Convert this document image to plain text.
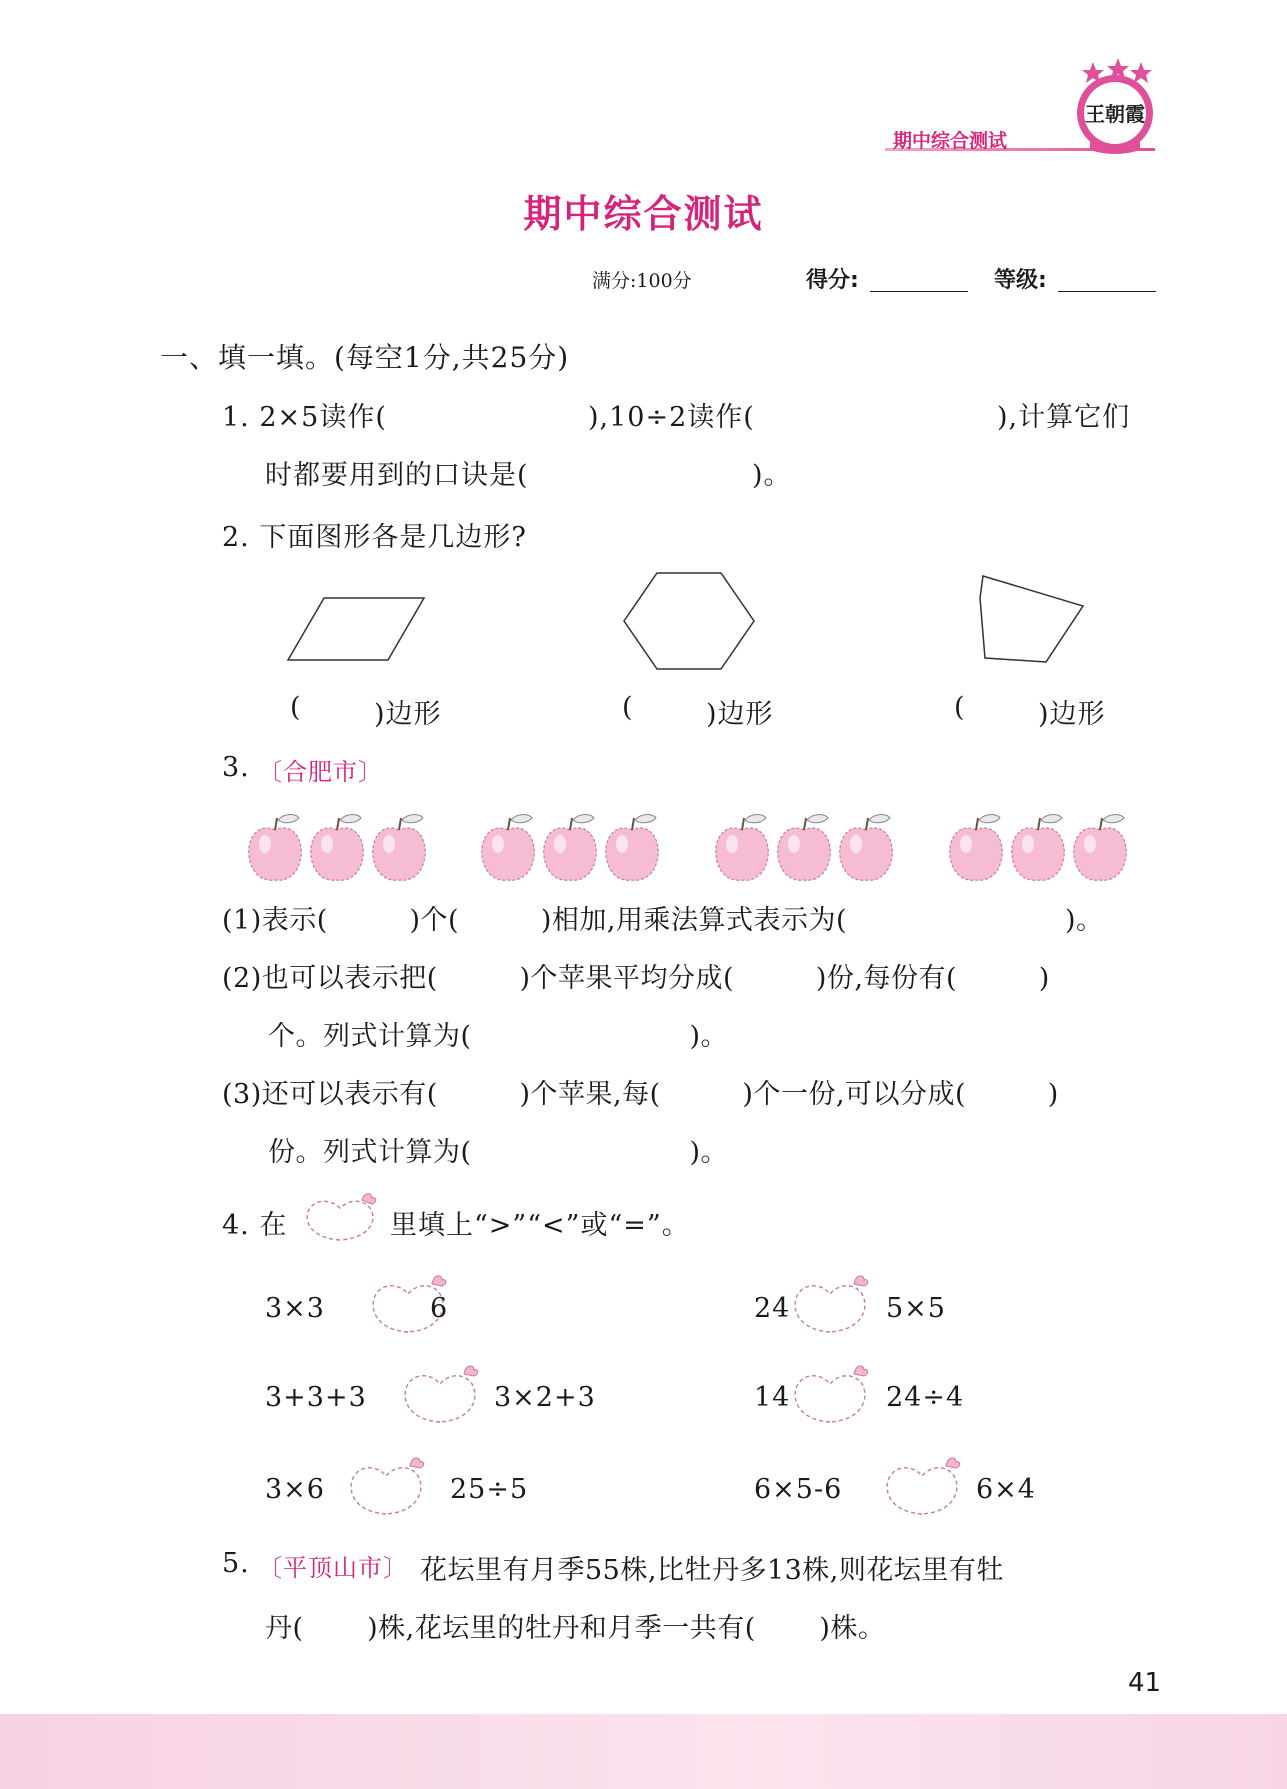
期中综合测试
王朝霞
期中综合测试
满分:100分	得分:	等级:
一、填一填。(每空1分,共25分)
1. 2×5读作(	),10÷2读作(	),计算它们
时都要用到的口诀是(	)。
2. 下面图形各是几边形?
(	)边形	(	)边形	(	)边形
3. 〔合肥市〕
(1)表示(         )个(         )相加,用乘法算式表示为(                        )。
(2)也可以表示把(         )个苹果平均分成(         )份,每份有(         )
个。列式计算为(                        )。
(3)还可以表示有(         )个苹果,每(         )个一份,可以分成(         )
份。列式计算为(                        )。
4. 在	里填上“>”“<”或“=”。
3×3	6	24	5×5
3+3+3	3×2+3	14	24÷4
3×6	25÷5	6×5-6	6×4
5. 〔平顶山市〕 花坛里有月季55株,比牡丹多13株,则花坛里有牡
丹(       )株,花坛里的牡丹和月季一共有(       )株。
41
